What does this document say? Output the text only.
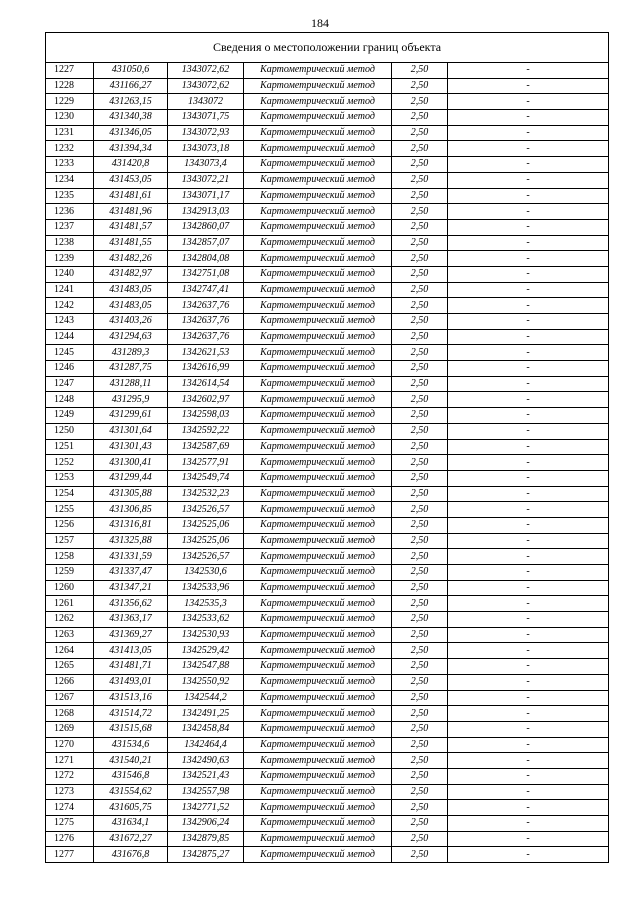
184
Сведения о местоположении границ объекта					
1227	431050,6	1343072,62	Картометрический метод	2,50	-
1228	431166,27	1343072,62	Картометрический метод	2,50	-
1229	431263,15	1343072	Картометрический метод	2,50	-
1230	431340,38	1343071,75	Картометрический метод	2,50	-
1231	431346,05	1343072,93	Картометрический метод	2,50	-
1232	431394,34	1343073,18	Картометрический метод	2,50	-
1233	431420,8	1343073,4	Картометрический метод	2,50	-
1234	431453,05	1343072,21	Картометрический метод	2,50	-
1235	431481,61	1343071,17	Картометрический метод	2,50	-
1236	431481,96	1342913,03	Картометрический метод	2,50	-
1237	431481,57	1342860,07	Картометрический метод	2,50	-
1238	431481,55	1342857,07	Картометрический метод	2,50	-
1239	431482,26	1342804,08	Картометрический метод	2,50	-
1240	431482,97	1342751,08	Картометрический метод	2,50	-
1241	431483,05	1342747,41	Картометрический метод	2,50	-
1242	431483,05	1342637,76	Картометрический метод	2,50	-
1243	431403,26	1342637,76	Картометрический метод	2,50	-
1244	431294,63	1342637,76	Картометрический метод	2,50	-
1245	431289,3	1342621,53	Картометрический метод	2,50	-
1246	431287,75	1342616,99	Картометрический метод	2,50	-
1247	431288,11	1342614,54	Картометрический метод	2,50	-
1248	431295,9	1342602,97	Картометрический метод	2,50	-
1249	431299,61	1342598,03	Картометрический метод	2,50	-
1250	431301,64	1342592,22	Картометрический метод	2,50	-
1251	431301,43	1342587,69	Картометрический метод	2,50	-
1252	431300,41	1342577,91	Картометрический метод	2,50	-
1253	431299,44	1342549,74	Картометрический метод	2,50	-
1254	431305,88	1342532,23	Картометрический метод	2,50	-
1255	431306,85	1342526,57	Картометрический метод	2,50	-
1256	431316,81	1342525,06	Картометрический метод	2,50	-
1257	431325,88	1342525,06	Картометрический метод	2,50	-
1258	431331,59	1342526,57	Картометрический метод	2,50	-
1259	431337,47	1342530,6	Картометрический метод	2,50	-
1260	431347,21	1342533,96	Картометрический метод	2,50	-
1261	431356,62	1342535,3	Картометрический метод	2,50	-
1262	431363,17	1342533,62	Картометрический метод	2,50	-
1263	431369,27	1342530,93	Картометрический метод	2,50	-
1264	431413,05	1342529,42	Картометрический метод	2,50	-
1265	431481,71	1342547,88	Картометрический метод	2,50	-
1266	431493,01	1342550,92	Картометрический метод	2,50	-
1267	431513,16	1342544,2	Картометрический метод	2,50	-
1268	431514,72	1342491,25	Картометрический метод	2,50	-
1269	431515,68	1342458,84	Картометрический метод	2,50	-
1270	431534,6	1342464,4	Картометрический метод	2,50	-
1271	431540,21	1342490,63	Картометрический метод	2,50	-
1272	431546,8	1342521,43	Картометрический метод	2,50	-
1273	431554,62	1342557,98	Картометрический метод	2,50	-
1274	431605,75	1342771,52	Картометрический метод	2,50	-
1275	431634,1	1342906,24	Картометрический метод	2,50	-
1276	431672,27	1342879,85	Картометрический метод	2,50	-
1277	431676,8	1342875,27	Картометрический метод	2,50	-
